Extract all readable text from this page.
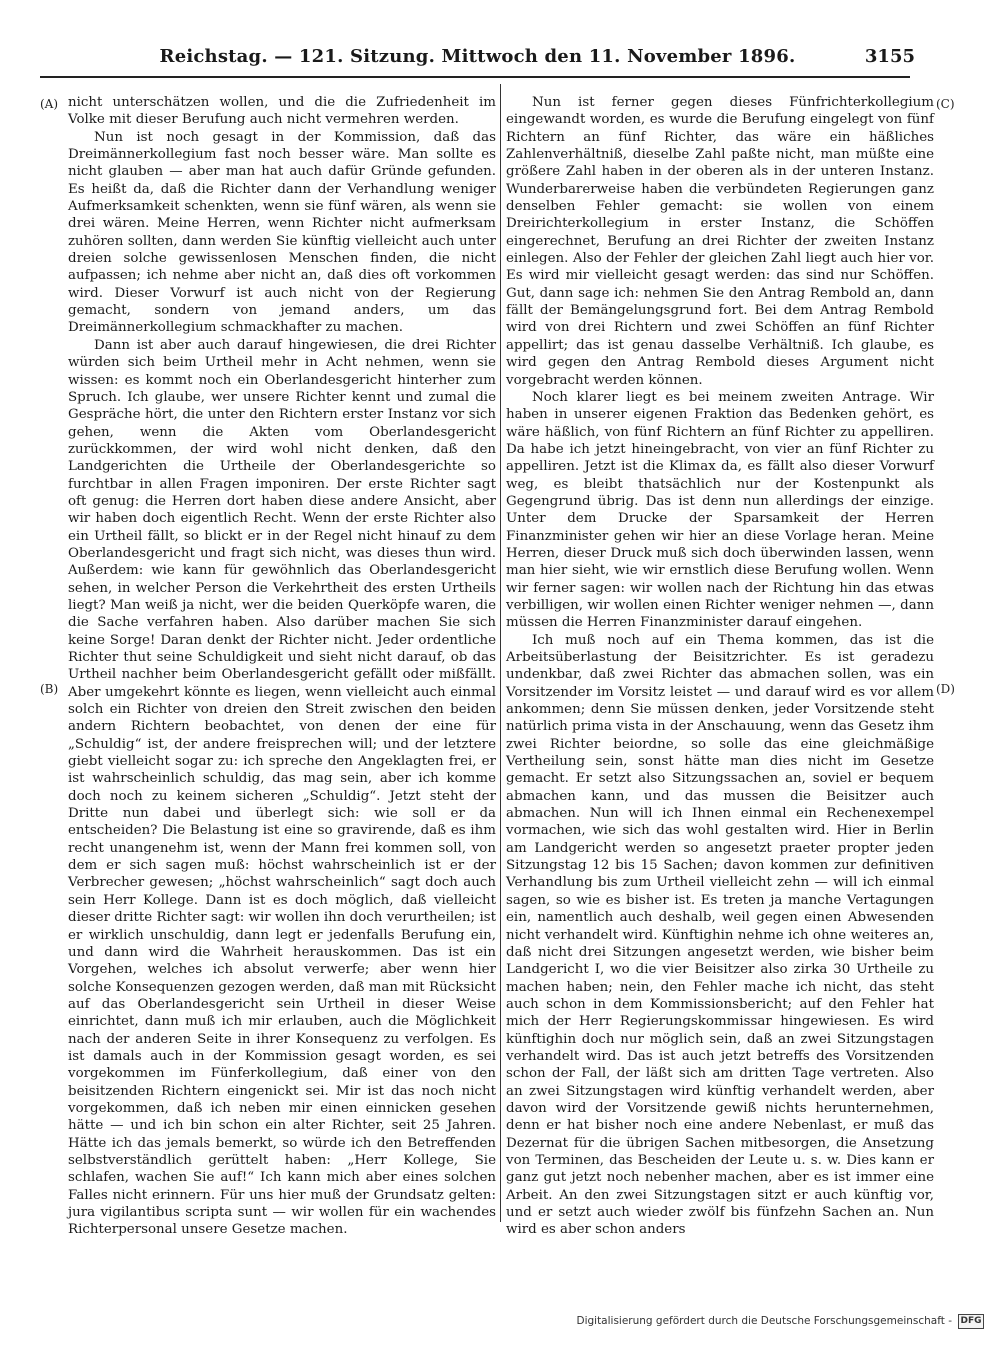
Reichstag. — 121. Sitzung. Mittwoch den 11. November 1896.	3155
(A)
(B)
(C)
(D)

nicht unterschätzen wollen, und die die Zufriedenheit im Volke mit dieser Berufung auch nicht vermehren werden.

Nun ist noch gesagt in der Kommission, daß das Dreimännerkollegium fast noch besser wäre. Man sollte es nicht glauben — aber man hat auch dafür Gründe gefunden. Es heißt da, daß die Richter dann der Verhandlung weniger Aufmerksamkeit schenkten, wenn sie fünf wären, als wenn sie drei wären. Meine Herren, wenn Richter nicht aufmerksam zuhören sollten, dann werden Sie künftig vielleicht auch unter dreien solche gewissenlosen Menschen finden, die nicht aufpassen; ich nehme aber nicht an, daß dies oft vorkommen wird. Dieser Vorwurf ist auch nicht von der Regierung gemacht, sondern von jemand anders, um das Dreimännerkollegium schmackhafter zu machen.

Dann ist aber auch darauf hingewiesen, die drei Richter würden sich beim Urtheil mehr in Acht nehmen, wenn sie wissen: es kommt noch ein Oberlandesgericht hinterher zum Spruch. Ich glaube, wer unsere Richter kennt und zumal die Gespräche hört, die unter den Richtern erster Instanz vor sich gehen, wenn die Akten vom Oberlandesgericht zurückkommen, der wird wohl nicht denken, daß den Landgerichten die Urtheile der Oberlandesgerichte so furchtbar in allen Fragen imponiren. Der erste Richter sagt oft genug: die Herren dort haben diese andere Ansicht, aber wir haben doch eigentlich Recht. Wenn der erste Richter also ein Urtheil fällt, so blickt er in der Regel nicht hinauf zu dem Oberlandesgericht und fragt sich nicht, was dieses thun wird. Außerdem: wie kann für gewöhnlich das Oberlandesgericht sehen, in welcher Person die Verkehrtheit des ersten Urtheils liegt? Man weiß ja nicht, wer die beiden Querköpfe waren, die die Sache verfahren haben. Also darüber machen Sie sich keine Sorge! Daran denkt der Richter nicht. Jeder ordentliche Richter thut seine Schuldigkeit und sieht nicht darauf, ob das Urtheil nachher beim Oberlandesgericht gefällt oder mißfällt. Aber umgekehrt könnte es liegen, wenn vielleicht auch einmal solch ein Richter von dreien den Streit zwischen den beiden andern Richtern beobachtet, von denen der eine für „Schuldig“ ist, der andere freisprechen will; und der letztere giebt vielleicht sogar zu: ich spreche den Angeklagten frei, er ist wahrscheinlich schuldig, das mag sein, aber ich komme doch noch zu keinem sicheren „Schuldig“. Jetzt steht der Dritte nun dabei und überlegt sich: wie soll er da entscheiden? Die Belastung ist eine so gravirende, daß es ihm recht unangenehm ist, wenn der Mann frei kommen soll, von dem er sich sagen muß: höchst wahrscheinlich ist er der Verbrecher gewesen; „höchst wahrscheinlich“ sagt doch auch sein Herr Kollege. Dann ist es doch möglich, daß vielleicht dieser dritte Richter sagt: wir wollen ihn doch verurtheilen; ist er wirklich unschuldig, dann legt er jedenfalls Berufung ein, und dann wird die Wahrheit herauskommen. Das ist ein Vorgehen, welches ich absolut verwerfe; aber wenn hier solche Konsequenzen gezogen werden, daß man mit Rücksicht auf das Oberlandesgericht sein Urtheil in dieser Weise einrichtet, dann muß ich mir erlauben, auch die Möglichkeit nach der anderen Seite in ihrer Konsequenz zu verfolgen. Es ist damals auch in der Kommission gesagt worden, es sei vorgekommen im Fünferkollegium, daß einer von den beisitzenden Richtern eingenickt sei. Mir ist das noch nicht vorgekommen, daß ich neben mir einen einnicken gesehen hätte — und ich bin schon ein alter Richter, seit 25 Jahren. Hätte ich das jemals bemerkt, so würde ich den Betreffenden selbstverständlich gerüttelt haben: „Herr Kollege, Sie schlafen, wachen Sie auf!“ Ich kann mich aber eines solchen Falles nicht erinnern. Für uns hier muß der Grundsatz gelten: jura vigilantibus scripta sunt — wir wollen für ein wachendes Richterpersonal unsere Gesetze machen.

Nun ist ferner gegen dieses Fünfrichterkollegium eingewandt worden, es wurde die Berufung eingelegt von fünf Richtern an fünf Richter, das wäre ein häßliches Zahlenverhältniß, dieselbe Zahl paßte nicht, man müßte eine größere Zahl haben in der oberen als in der unteren Instanz. Wunderbarerweise haben die verbündeten Regierungen ganz denselben Fehler gemacht: sie wollen von einem Dreirichterkollegium in erster Instanz, die Schöffen eingerechnet, Berufung an drei Richter der zweiten Instanz einlegen. Also der Fehler der gleichen Zahl liegt auch hier vor. Es wird mir vielleicht gesagt werden: das sind nur Schöffen. Gut, dann sage ich: nehmen Sie den Antrag Rembold an, dann fällt der Bemängelungsgrund fort. Bei dem Antrag Rembold wird von drei Richtern und zwei Schöffen an fünf Richter appellirt; das ist genau dasselbe Verhältniß. Ich glaube, es wird gegen den Antrag Rembold dieses Argument nicht vorgebracht werden können.

Noch klarer liegt es bei meinem zweiten Antrage. Wir haben in unserer eigenen Fraktion das Bedenken gehört, es wäre häßlich, von fünf Richtern an fünf Richter zu appelliren. Da habe ich jetzt hineingebracht, von vier an fünf Richter zu appelliren. Jetzt ist die Klimax da, es fällt also dieser Vorwurf weg, es bleibt thatsächlich nur der Kostenpunkt als Gegengrund übrig. Das ist denn nun allerdings der einzige. Unter dem Drucke der Sparsamkeit der Herren Finanzminister gehen wir hier an diese Vorlage heran. Meine Herren, dieser Druck muß sich doch überwinden lassen, wenn man hier sieht, wie wir ernstlich diese Berufung wollen. Wenn wir ferner sagen: wir wollen nach der Richtung hin das etwas verbilligen, wir wollen einen Richter weniger nehmen —, dann müssen die Herren Finanzminister darauf eingehen.

Ich muß noch auf ein Thema kommen, das ist die Arbeitsüberlastung der Beisitzrichter. Es ist geradezu undenkbar, daß zwei Richter das abmachen sollen, was ein Vorsitzender im Vorsitz leistet — und darauf wird es vor allem ankommen; denn Sie müssen denken, jeder Vorsitzende steht natürlich prima vista in der Anschauung, wenn das Gesetz ihm zwei Richter beiordne, so solle das eine gleichmäßige Vertheilung sein, sonst hätte man dies nicht im Gesetze gemacht. Er setzt also Sitzungssachen an, soviel er bequem abmachen kann, und das mussen die Beisitzer auch abmachen. Nun will ich Ihnen einmal ein Rechenexempel vormachen, wie sich das wohl gestalten wird. Hier in Berlin am Landgericht werden so angesetzt praeter propter jeden Sitzungstag 12 bis 15 Sachen; davon kommen zur definitiven Verhandlung bis zum Urtheil vielleicht zehn — will ich einmal sagen, so wie es bisher ist. Es treten ja manche Vertagungen ein, namentlich auch deshalb, weil gegen einen Abwesenden nicht verhandelt wird. Künftighin nehme ich ohne weiteres an, daß nicht drei Sitzungen angesetzt werden, wie bisher beim Landgericht I, wo die vier Beisitzer also zirka 30 Urtheile zu machen haben; nein, den Fehler mache ich nicht, das steht auch schon in dem Kommissionsbericht; auf den Fehler hat mich der Herr Regierungskommissar hingewiesen. Es wird künftighin doch nur möglich sein, daß an zwei Sitzungstagen verhandelt wird. Das ist auch jetzt betreffs des Vorsitzenden schon der Fall, der läßt sich am dritten Tage vertreten. Also an zwei Sitzungstagen wird künftig verhandelt werden, aber davon wird der Vorsitzende gewiß nichts herunternehmen, denn er hat bisher noch eine andere Nebenlast, er muß das Dezernat für die übrigen Sachen mitbesorgen, die Ansetzung von Terminen, das Bescheiden der Leute u. s. w. Dies kann er ganz gut jetzt noch nebenher machen, aber es ist immer eine Arbeit. An den zwei Sitzungstagen sitzt er auch künftig vor, und er setzt auch wieder zwölf bis fünfzehn Sachen an. Nun wird es aber schon anders

Digitalisierung gefördert durch die Deutsche Forschungsgemeinschaft - DFG
